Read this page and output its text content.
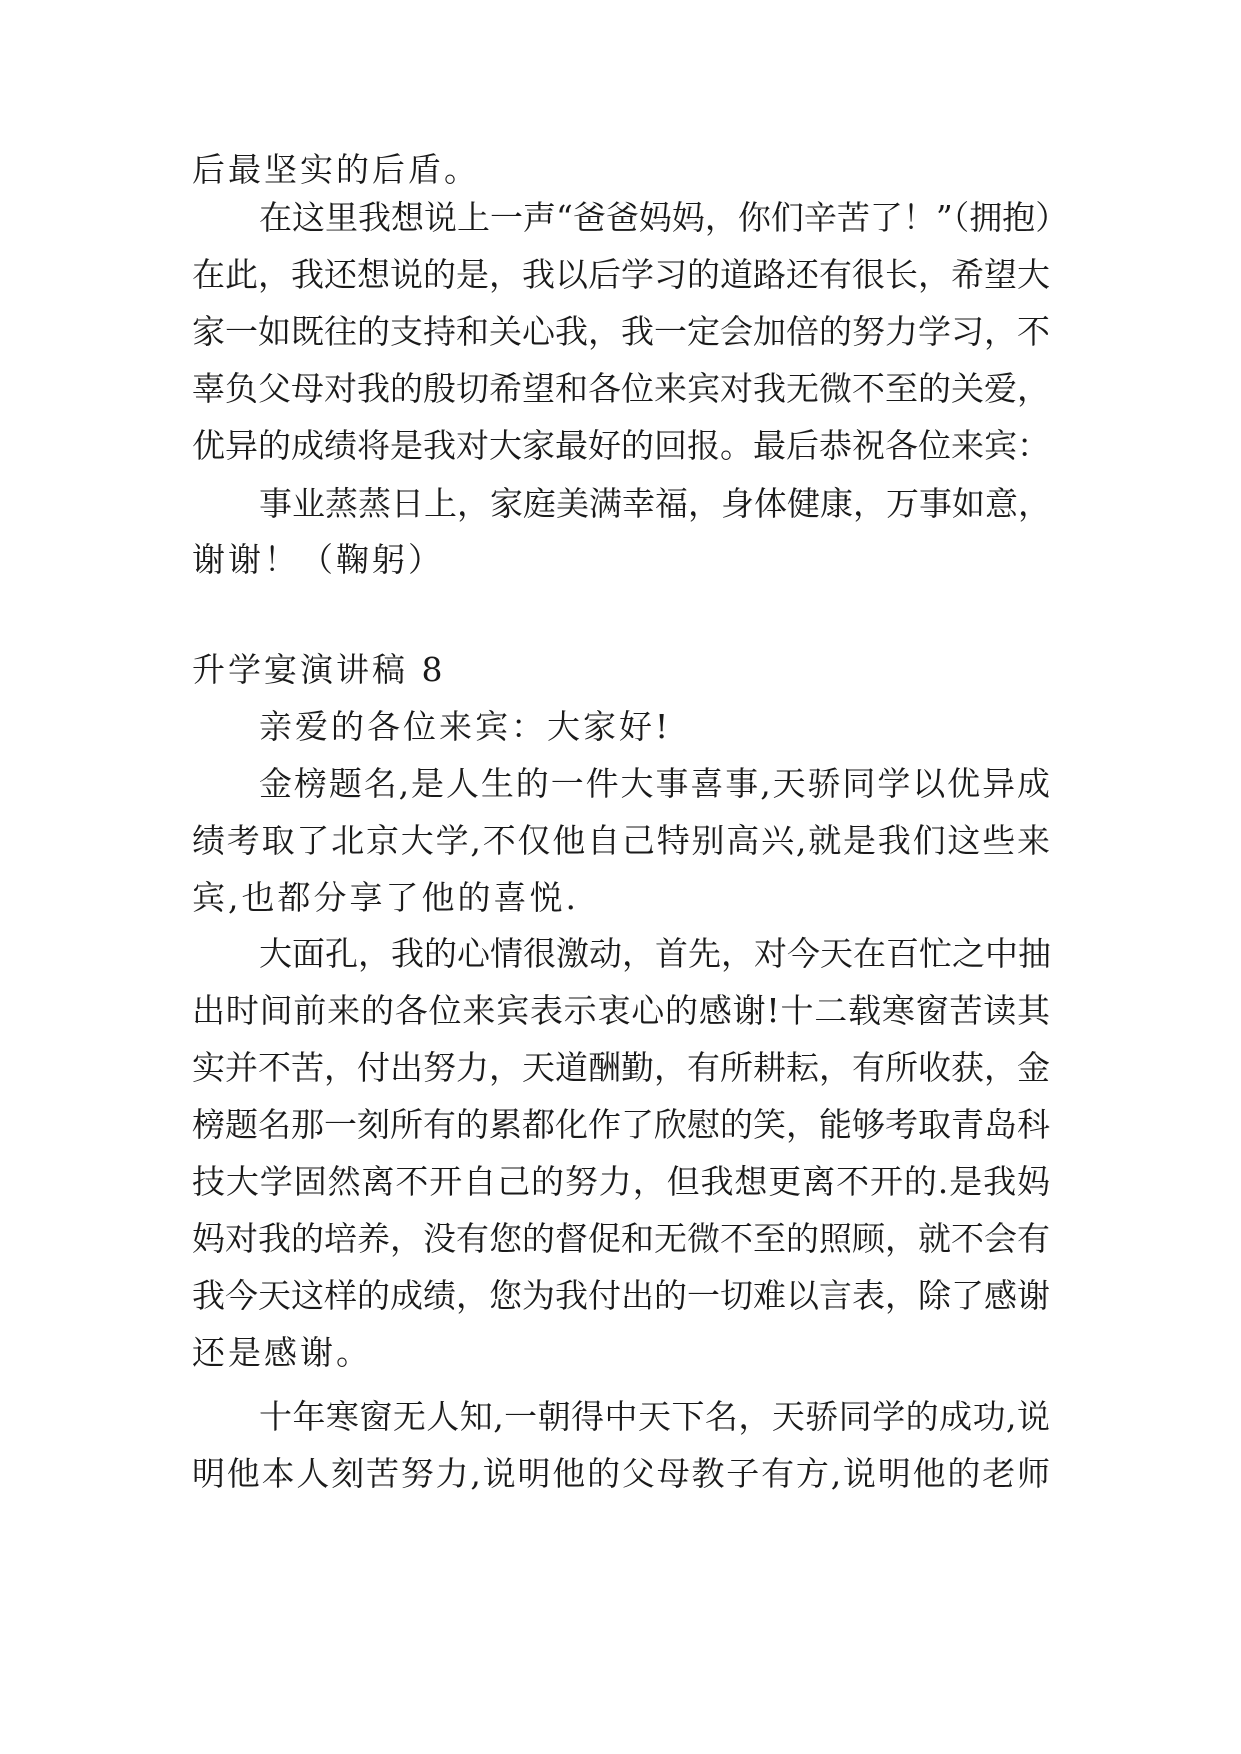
后最坚实的后盾。

在这里我想说上一声“爸爸妈妈，你们辛苦了！”（拥抱）

在此，我还想说的是，我以后学习的道路还有很长，希望大

家一如既往的支持和关心我，我一定会加倍的努力学习，不

辜负父母对我的殷切希望和各位来宾对我无微不至的关爱，

优异的成绩将是我对大家最好的回报。最后恭祝各位来宾：

事业蒸蒸日上，家庭美满幸福，身体健康，万事如意，

谢谢！（鞠躬）

升学宴演讲稿 8

亲爱的各位来宾：大家好!

金榜题名,是人生的一件大事喜事,天骄同学以优异成

绩考取了北京大学,不仅他自己特别高兴,就是我们这些来

宾,也都分享了他的喜悦.

大面孔，我的心情很激动，首先，对今天在百忙之中抽

出时间前来的各位来宾表示衷心的感谢!十二载寒窗苦读其

实并不苦，付出努力，天道酬勤，有所耕耘，有所收获，金

榜题名那一刻所有的累都化作了欣慰的笑，能够考取青岛科

技大学固然离不开自己的努力，但我想更离不开的.是我妈

妈对我的培养，没有您的督促和无微不至的照顾，就不会有

我今天这样的成绩，您为我付出的一切难以言表，除了感谢

还是感谢。

十年寒窗无人知,一朝得中天下名，天骄同学的成功,说

明他本人刻苦努力,说明他的父母教子有方,说明他的老师
